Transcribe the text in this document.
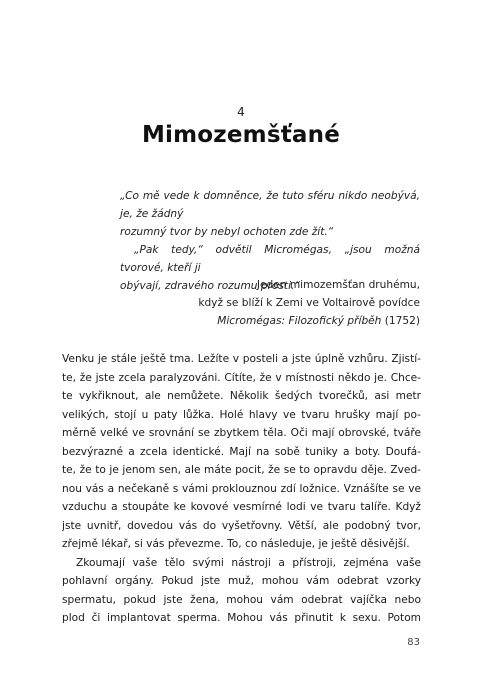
4
Mimozemšťané

„Co mě vede k domněnce, že tuto sféru nikdo neobývá, je, že žádný

rozumný tvor by nebyl ochoten zde žít.“

„Pak tedy,“ odvětil Micromégas, „jsou možná tvorové, kteří ji

obývají, zdravého rozumu prosti.“

Jeden mimozemšťan druhému,
když se blíží k Zemi ve Voltairově povídce
Micromégas: Filozofický příběh (1752)
Venku je stále ještě tma. Ležíte v posteli a jste úplně vzhůru. Zjistí-
te, že jste zcela paralyzováni. Cítíte, že v místnosti někdo je. Chce-
te vykřiknout, ale nemůžete. Několik šedých tvorečků, asi metr
velikých, stojí u paty lůžka. Holé hlavy ve tvaru hrušky mají po-
měrně velké ve srovnání se zbytkem těla. Oči mají obrovské, tváře
bezvýrazné a zcela identické. Mají na sobě tuniky a boty. Doufá-
te, že to je jenom sen, ale máte pocit, že se to opravdu děje. Zved-
nou vás a nečekaně s vámi proklouznou zdí ložnice. Vznášíte se ve
vzduchu a stoupáte ke kovové vesmírné lodi ve tvaru talíře. Když
jste uvnitř, dovedou vás do vyšetřovny. Větší, ale podobný tvor,
zřejmě lékař, si vás převezme. To, co následuje, je ještě děsivější.
Zkoumají vaše tělo svými nástroji a přístroji, zejména vaše
pohlavní orgány. Pokud jste muž, mohou vám odebrat vzorky
spermatu, pokud jste žena, mohou vám odebrat vajíčka nebo
plod či implantovat sperma. Mohou vás přinutit k sexu. Potom
83
